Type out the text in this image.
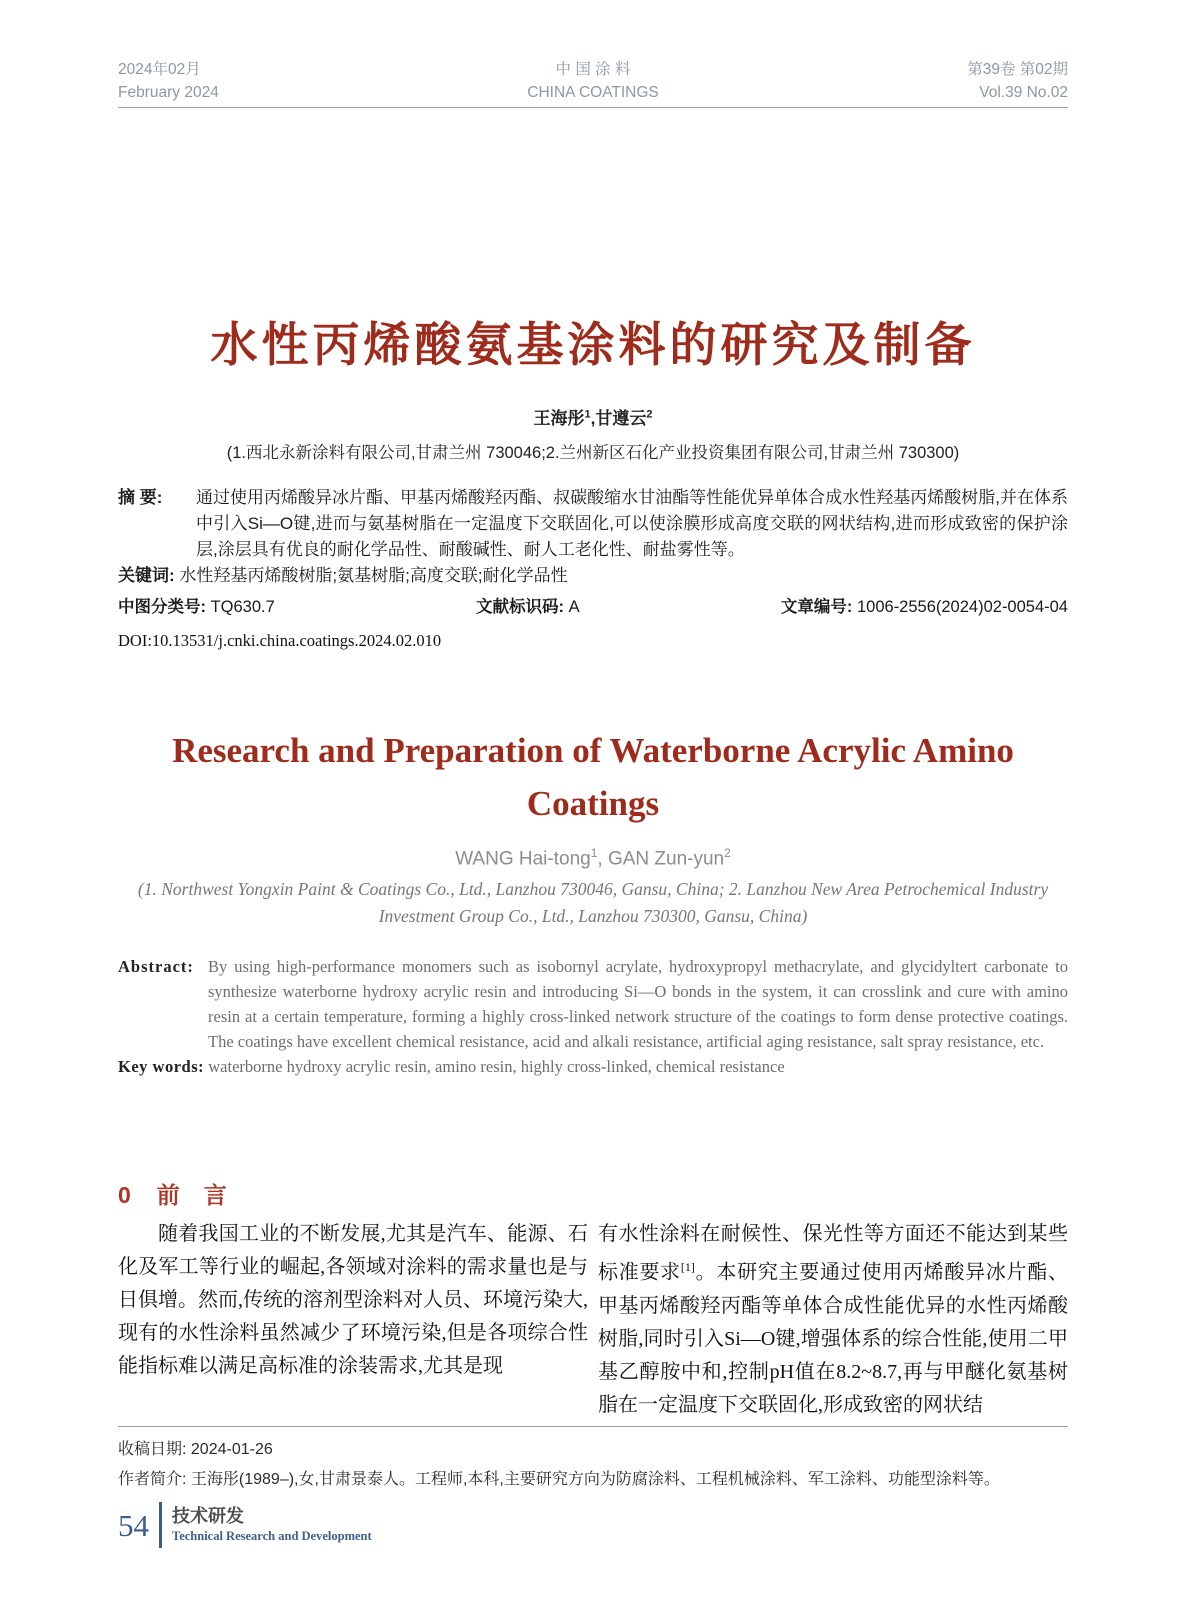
2024年02月
February 2024
中 国 涂 料
CHINA COATINGS
第39卷 第02期
Vol.39 No.02
水性丙烯酸氨基涂料的研究及制备
王海彤$^1$,甘遵云$^2$
(1.西北永新涂料有限公司,甘肃兰州 730046;2.兰州新区石化产业投资集团有限公司,甘肃兰州 730300)
摘 要:	通过使用丙烯酸异冰片酯、甲基丙烯酸羟丙酯、叔碳酸缩水甘油酯等性能优异单体合成水性羟基丙烯酸树脂,并在体系中引入Si—O键,进而与氨基树脂在一定温度下交联固化,可以使涂膜形成高度交联的网状结构,进而形成致密的保护涂层,涂层具有优良的耐化学品性、耐酸碱性、耐人工老化性、耐盐雾性等。
关键词: 水性羟基丙烯酸树脂;氨基树脂;高度交联;耐化学品性
中图分类号: TQ630.7	文献标识码: A	文章编号: 1006-2556(2024)02-0054-04
DOI:10.13531/j.cnki.china.coatings.2024.02.010
Research and Preparation of Waterborne Acrylic Amino
Coatings
WANG Hai-tong$^1$, GAN Zun-yun$^2$
(1. Northwest Yongxin Paint & Coatings Co., Ltd., Lanzhou 730046, Gansu, China; 2. Lanzhou New Area Petrochemical Industry
Investment Group Co., Ltd., Lanzhou 730300, Gansu, China)
Abstract: By using high-performance monomers such as isobornyl acrylate, hydroxypropyl methacrylate, and glycidyltert carbonate to synthesize waterborne hydroxy acrylic resin and introducing Si—O bonds in the system, it can crosslink and cure with amino resin at a certain temperature, forming a highly cross-linked network structure of the coatings to form dense protective coatings. The coatings have excellent chemical resistance, acid and alkali resistance, artificial aging resistance, salt spray resistance, etc.
Key words: waterborne hydroxy acrylic resin, amino resin, highly cross-linked, chemical resistance
0 前言

随着我国工业的不断发展,尤其是汽车、能源、石化及军工等行业的崛起,各领域对涂料的需求量也是与日俱增。然而,传统的溶剂型涂料对人员、环境污染大,现有的水性涂料虽然减少了环境污染,但是各项综合性能指标难以满足高标准的涂装需求,尤其是现

有水性涂料在耐候性、保光性等方面还不能达到某些标准要求[1]。本研究主要通过使用丙烯酸异冰片酯、甲基丙烯酸羟丙酯等单体合成性能优异的水性丙烯酸树脂,同时引入Si—O键,增强体系的综合性能,使用二甲基乙醇胺中和,控制pH值在8.2~8.7,再与甲醚化氨基树脂在一定温度下交联固化,形成致密的网状结

收稿日期: 2024-01-26
作者简介: 王海彤(1989–),女,甘肃景泰人。工程师,本科,主要研究方向为防腐涂料、工程机械涂料、军工涂料、功能型涂料等。
54 技术研发
Technical Research and Development
